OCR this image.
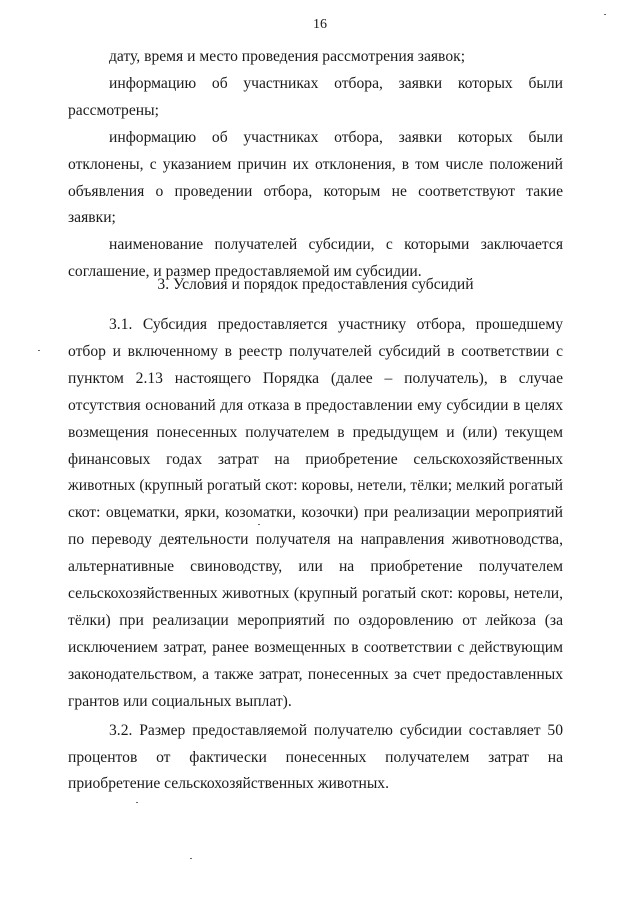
16

дату, время и место проведения рассмотрения заявок;

информацию об участниках отбора, заявки которых были рассмотрены;

информацию об участниках отбора, заявки которых были отклонены, с указанием причин их отклонения, в том числе положений объявления о проведении отбора, которым не соответствуют такие заявки;

наименование получателей субсидии, с которыми заключается соглашение, и размер предоставляемой им субсидии.

3. Условия и порядок предоставления субсидий

3.1. Субсидия предоставляется участнику отбора, прошедшему отбор и включенному в реестр получателей субсидий в соответствии с пунктом 2.13 настоящего Порядка (далее – получатель), в случае отсутствия оснований для отказа в предоставлении ему субсидии в целях возмещения понесенных получателем в предыдущем и (или) текущем финансовых годах затрат на приобретение сельскохозяйственных животных (крупный рогатый скот: коровы, нетели, тёлки; мелкий рогатый скот: овцематки, ярки, козоматки, козочки) при реализации мероприятий по переводу деятельности получателя на направления животноводства, альтернативные свиноводству, или на приобретение получателем сельскохозяйственных животных (крупный рогатый скот: коровы, нетели, тёлки) при реализации мероприятий по оздоровлению от лейкоза (за исключением затрат, ранее возмещенных в соответствии с действующим законодательством, а также затрат, понесенных за счет предоставленных грантов или социальных выплат).

3.2. Размер предоставляемой получателю субсидии составляет 50 процентов от фактически понесенных получателем затрат на приобретение сельскохозяйственных животных.
